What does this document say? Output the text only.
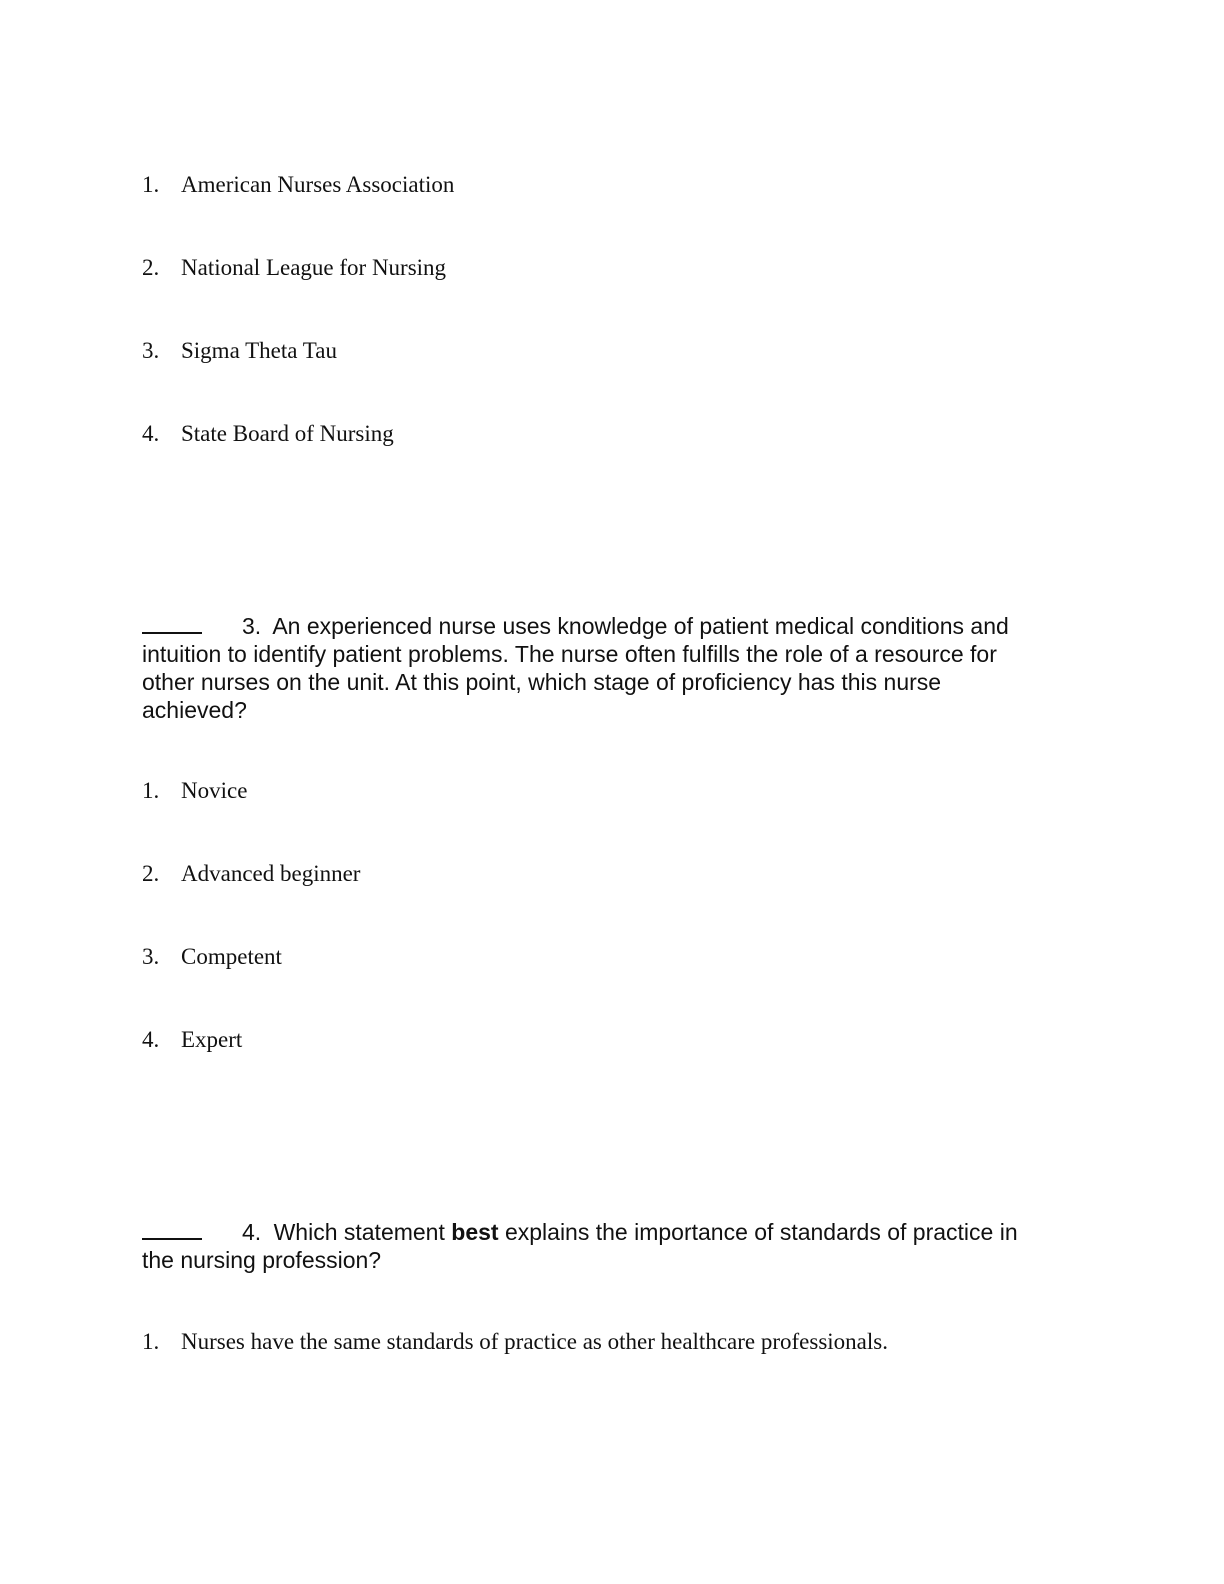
1. American Nurses Association
2. National League for Nursing
3. Sigma Theta Tau
4. State Board of Nursing
3. An experienced nurse uses knowledge of patient medical conditions and intuition to identify patient problems. The nurse often fulfills the role of a resource for other nurses on the unit. At this point, which stage of proficiency has this nurse achieved?
1. Novice
2. Advanced beginner
3. Competent
4. Expert
4. Which statement best explains the importance of standards of practice in the nursing profession?
1. Nurses have the same standards of practice as other healthcare professionals.
